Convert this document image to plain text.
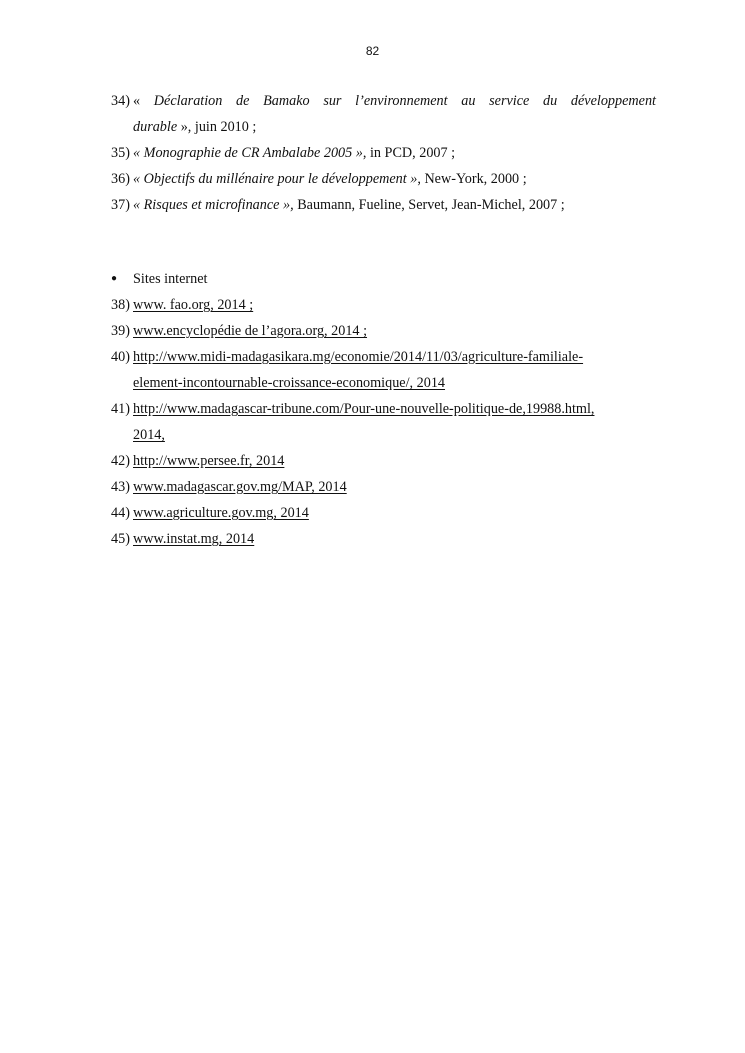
82
34) « Déclaration de Bamako sur l’environnement au service du développement
durable », juin 2010 ;
35) « Monographie de CR Ambalabe 2005 », in PCD, 2007 ;
36) « Objectifs du millénaire pour le développement », New-York, 2000 ;
37) « Risques et microfinance », Baumann, Fueline, Servet, Jean-Michel, 2007 ;
●	Sites internet
38) www. fao.org, 2014 ;
39) www.encyclopédie de l’agora.org, 2014 ;
40) http://www.midi-madagasikara.mg/economie/2014/11/03/agriculture-familiale-
element-incontournable-croissance-economique/, 2014
41) http://www.madagascar-tribune.com/Pour-une-nouvelle-politique-de,19988.html,
2014,
42) http://www.persee.fr, 2014
43) www.madagascar.gov.mg/MAP, 2014
44) www.agriculture.gov.mg, 2014
45) www.instat.mg, 2014
